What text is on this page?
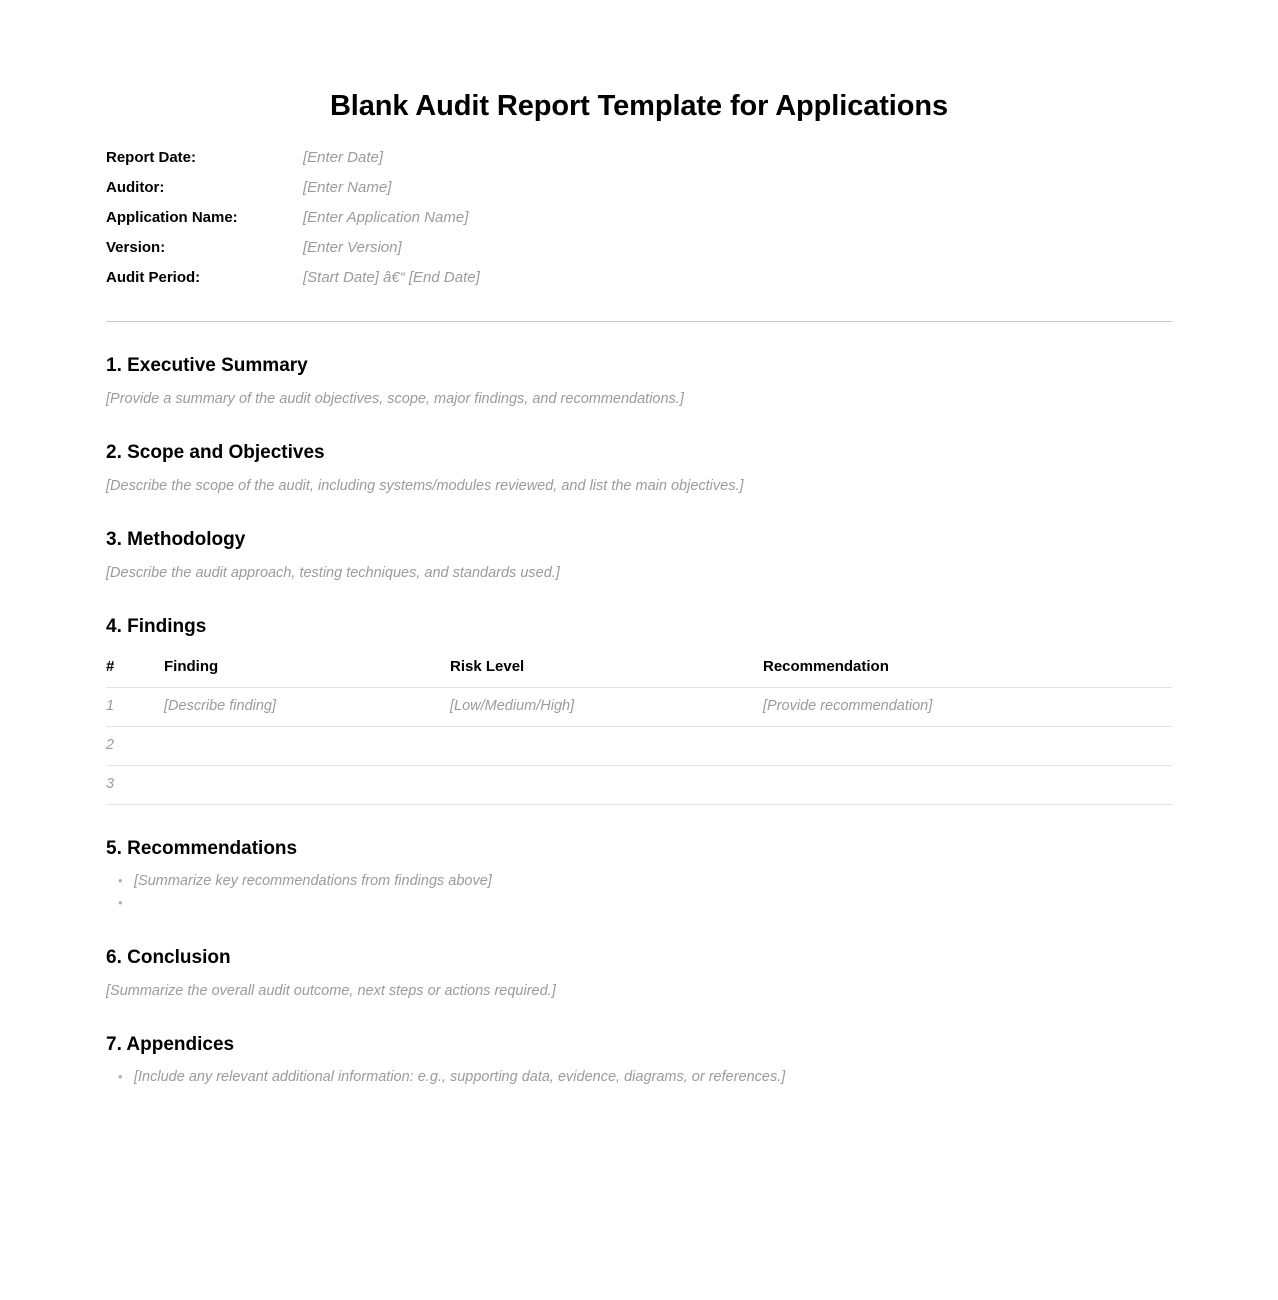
Blank Audit Report Template for Applications
Report Date:	[Enter Date]
Auditor:	[Enter Name]
Application Name:	[Enter Application Name]
Version:	[Enter Version]
Audit Period:	[Start Date] â€“ [End Date]
1. Executive Summary

[Provide a summary of the audit objectives, scope, major findings, and recommendations.]

2. Scope and Objectives

[Describe the scope of the audit, including systems/modules reviewed, and list the main objectives.]

3. Methodology

[Describe the audit approach, testing techniques, and standards used.]

4. Findings
#	Finding	Risk Level	Recommendation
1	[Describe finding]	[Low/Medium/High]	[Provide recommendation]
2			
3			
5. Recommendations
• [Summarize key recommendations from findings above]
•
6. Conclusion

[Summarize the overall audit outcome, next steps or actions required.]

7. Appendices
• [Include any relevant additional information: e.g., supporting data, evidence, diagrams, or references.]
